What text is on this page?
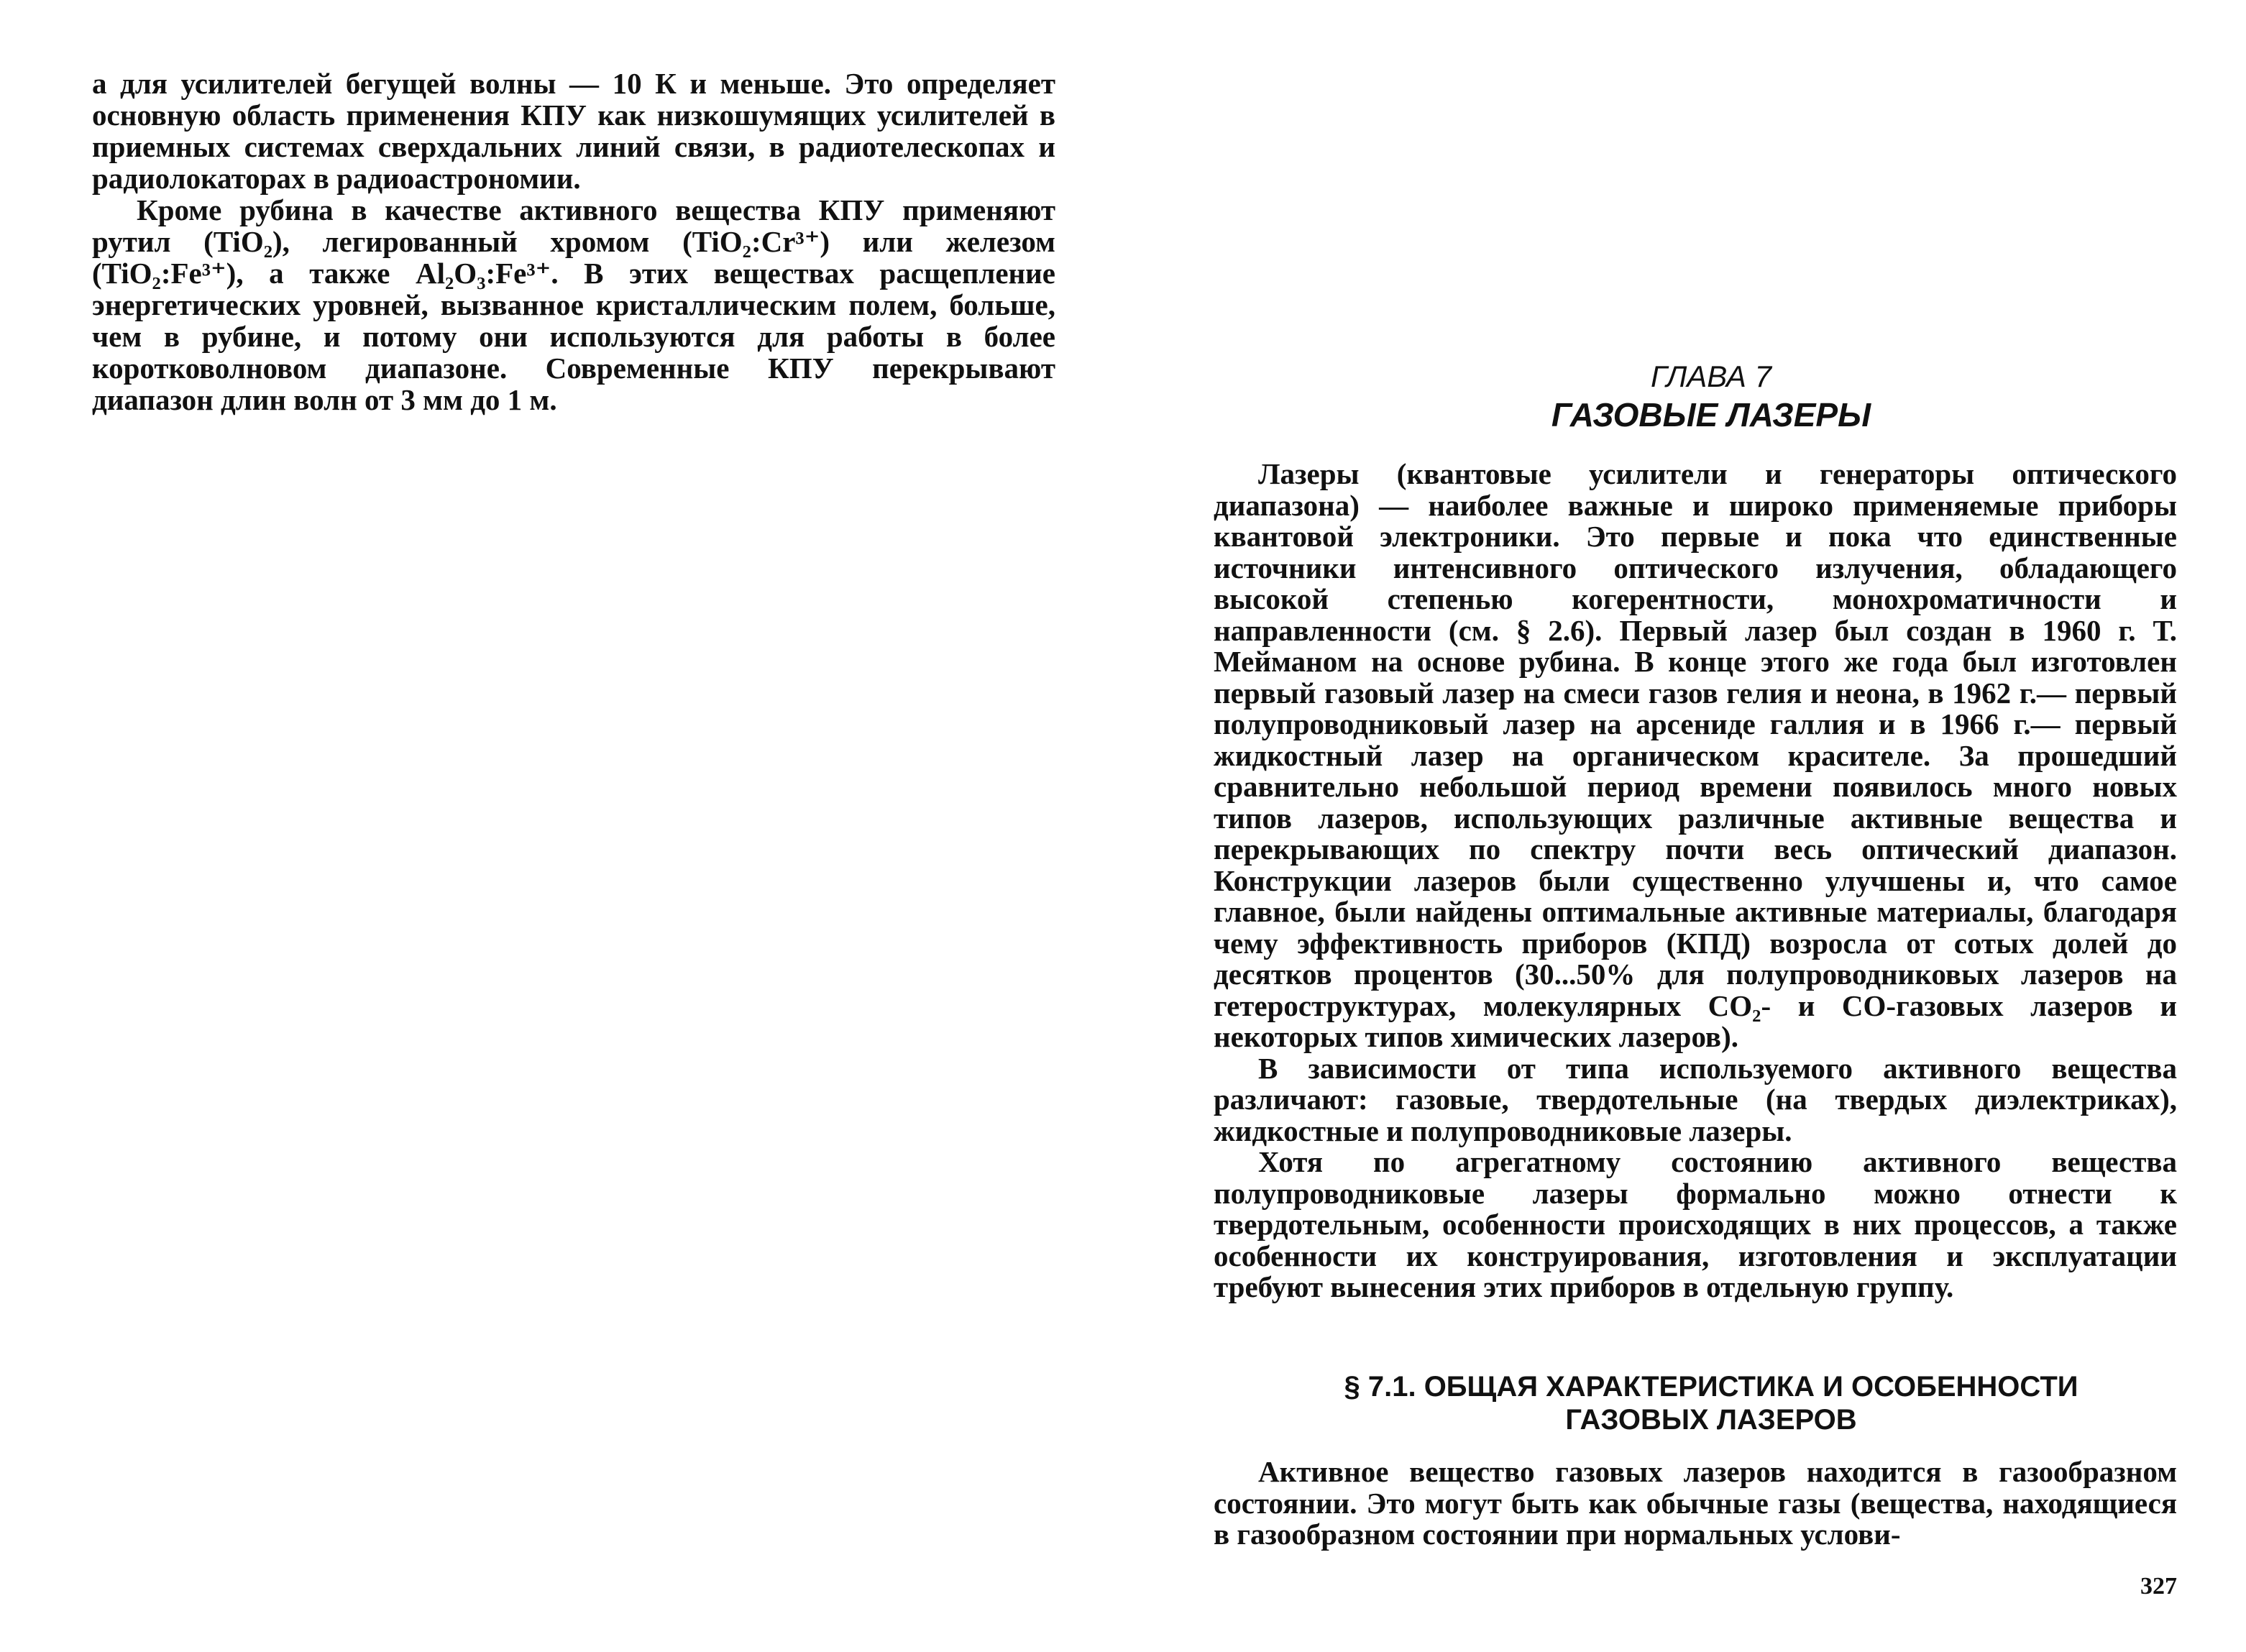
а для усилителей бегущей волны — 10 К и меньше. Это определяет основную область применения КПУ как низкошумящих усилителей в приемных системах сверхдальних линий связи, в радиотелескопах и радиолокаторах в радиоастрономии.

Кроме рубина в качестве активного вещества КПУ применяют рутил (TiO₂), легированный хромом (TiO₂:Cr³⁺) или железом (TiO₂:Fe³⁺), а также Al₂O₃:Fe³⁺. В этих веществах расщепление энергетических уровней, вызванное кристаллическим полем, больше, чем в рубине, и потому они используются для работы в более коротковолновом диапазоне. Современные КПУ перекрывают диапазон длин волн от 3 мм до 1 м.

ГЛАВА 7
ГАЗОВЫЕ ЛАЗЕРЫ

Лазеры (квантовые усилители и генераторы оптического диапазона) — наиболее важные и широко применяемые приборы квантовой электроники. Это первые и пока что единственные источники интенсивного оптического излучения, обладающего высокой степенью когерентности, монохроматичности и направленности (см. § 2.6). Первый лазер был создан в 1960 г. Т. Мейманом на основе рубина. В конце этого же года был изготовлен первый газовый лазер на смеси газов гелия и неона, в 1962 г.— первый полупроводниковый лазер на арсениде галлия и в 1966 г.— первый жидкостный лазер на органическом красителе. За прошедший сравнительно небольшой период времени появилось много новых типов лазеров, использующих различные активные вещества и перекрывающих по спектру почти весь оптический диапазон. Конструкции лазеров были существенно улучшены и, что самое главное, были найдены оптимальные активные материалы, благодаря чему эффективность приборов (КПД) возросла от сотых долей до десятков процентов (30...50% для полупроводниковых лазеров на гетероструктурах, молекулярных CO₂- и CO-газовых лазеров и некоторых типов химических лазеров).

В зависимости от типа используемого активного вещества различают: газовые, твердотельные (на твердых диэлектриках), жидкостные и полупроводниковые лазеры.

Хотя по агрегатному состоянию активного вещества полупроводниковые лазеры формально можно отнести к твердотельным, особенности происходящих в них процессов, а также особенности их конструирования, изготовления и эксплуатации требуют вынесения этих приборов в отдельную группу.

§ 7.1. ОБЩАЯ ХАРАКТЕРИСТИКА И ОСОБЕННОСТИ
ГАЗОВЫХ ЛАЗЕРОВ

Активное вещество газовых лазеров находится в газообразном состоянии. Это могут быть как обычные газы (вещества, находящиеся в газообразном состоянии при нормальных услови-

327
